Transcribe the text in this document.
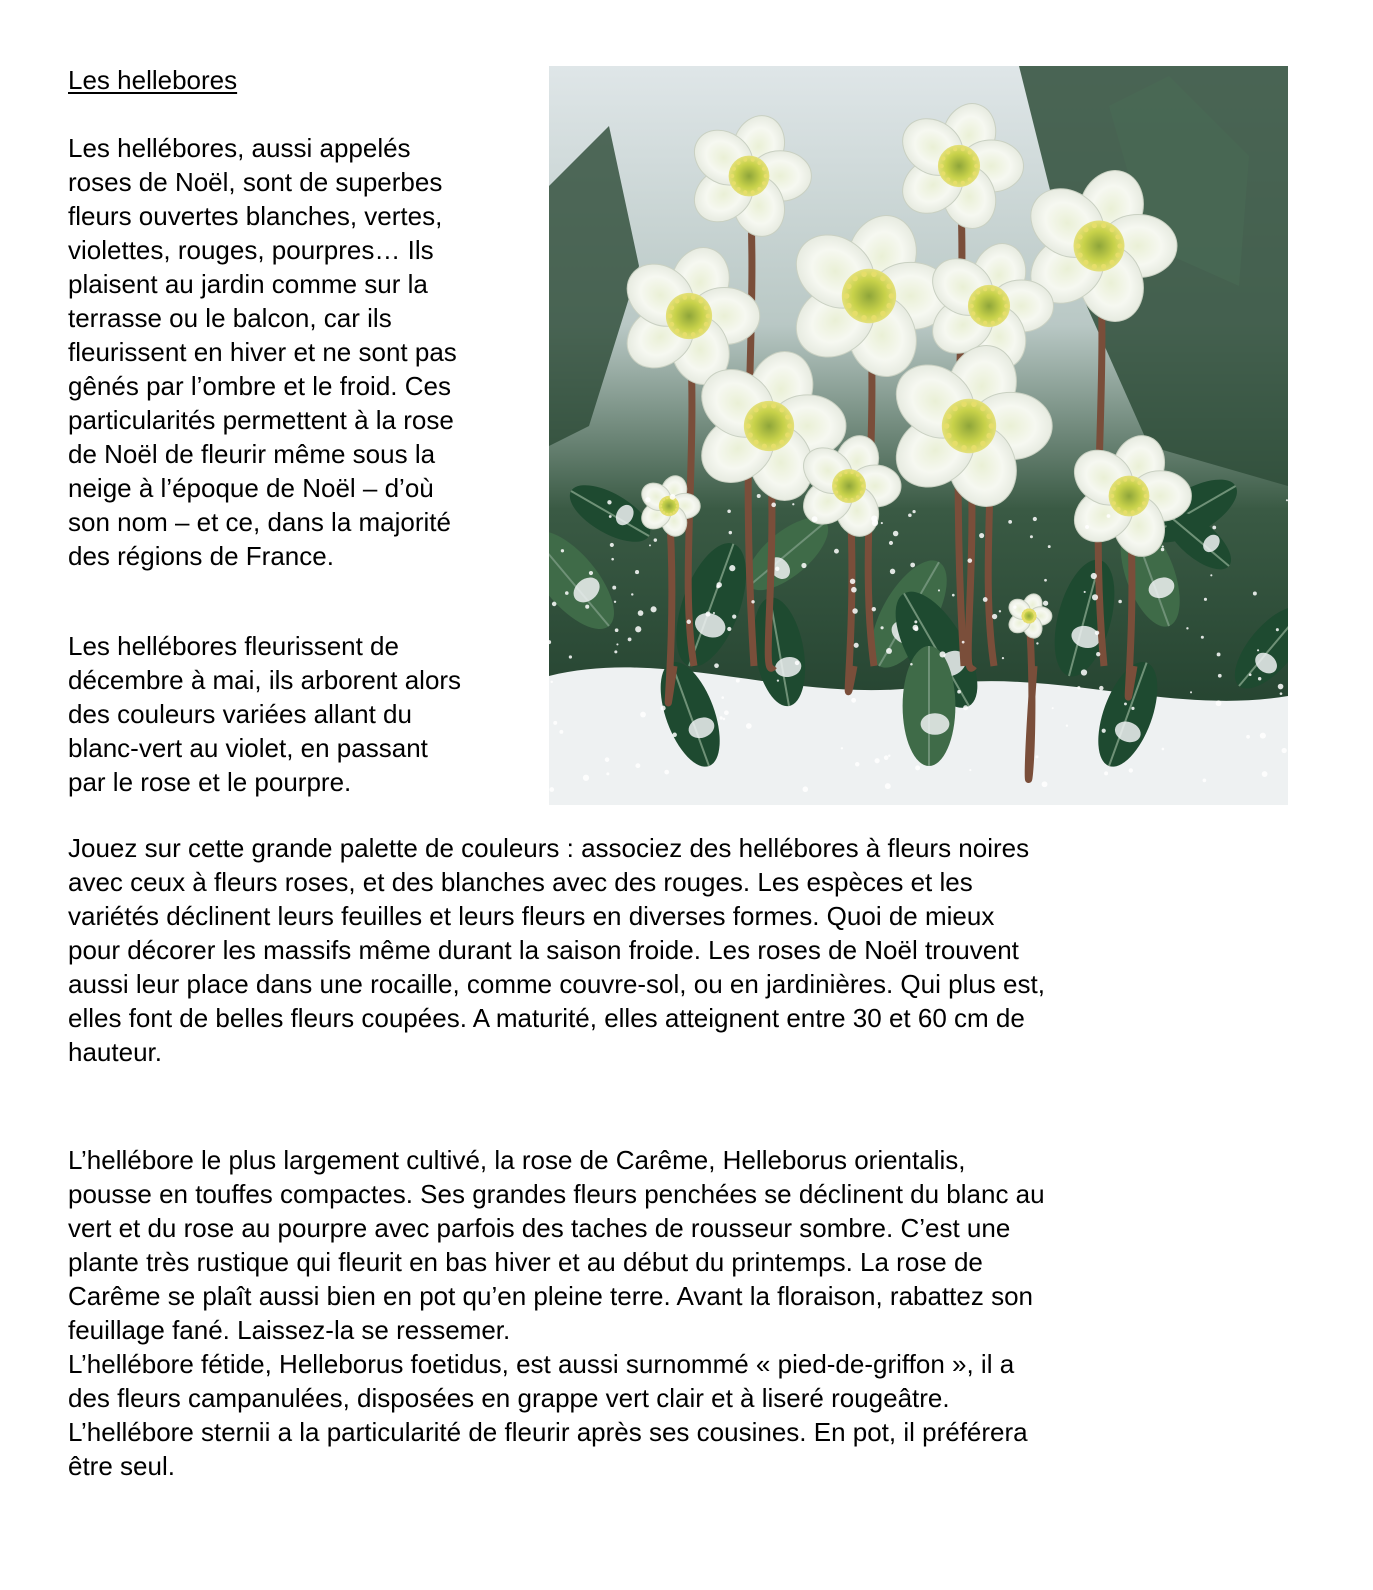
Les hellebores

Les hellébores, aussi appelés
roses de Noël, sont de superbes
fleurs ouvertes blanches, vertes,
violettes, rouges, pourpres… Ils
plaisent au jardin comme sur la
terrasse ou le balcon, car ils
fleurissent en hiver et ne sont pas
gênés par l’ombre et le froid. Ces
particularités permettent à la rose
de Noël de fleurir même sous la
neige à l’époque de Noël – d’où
son nom – et ce, dans la majorité
des régions de France.

Les hellébores fleurissent de
décembre à mai, ils arborent alors
des couleurs variées allant du
blanc-vert au violet, en passant
par le rose et le pourpre.

Jouez sur cette grande palette de couleurs : associez des hellébores à fleurs noires
avec ceux à fleurs roses, et des blanches avec des rouges. Les espèces et les
variétés déclinent leurs feuilles et leurs fleurs en diverses formes. Quoi de mieux
pour décorer les massifs même durant la saison froide. Les roses de Noël trouvent
aussi leur place dans une rocaille, comme couvre-sol, ou en jardinières. Qui plus est,
elles font de belles fleurs coupées. A maturité, elles atteignent entre 30 et 60 cm de
hauteur.

L’hellébore le plus largement cultivé, la rose de Carême, Helleborus orientalis,
pousse en touffes compactes. Ses grandes fleurs penchées se déclinent du blanc au
vert et du rose au pourpre avec parfois des taches de rousseur sombre. C’est une
plante très rustique qui fleurit en bas hiver et au début du printemps. La rose de
Carême se plaît aussi bien en pot qu’en pleine terre. Avant la floraison, rabattez son
feuillage fané. Laissez-la se ressemer.
L’hellébore fétide, Helleborus foetidus, est aussi surnommé « pied-de-griffon », il a
des fleurs campanulées, disposées en grappe vert clair et à liseré rougeâtre.
L’hellébore sternii a la particularité de fleurir après ses cousines. En pot, il préférera
être seul.
